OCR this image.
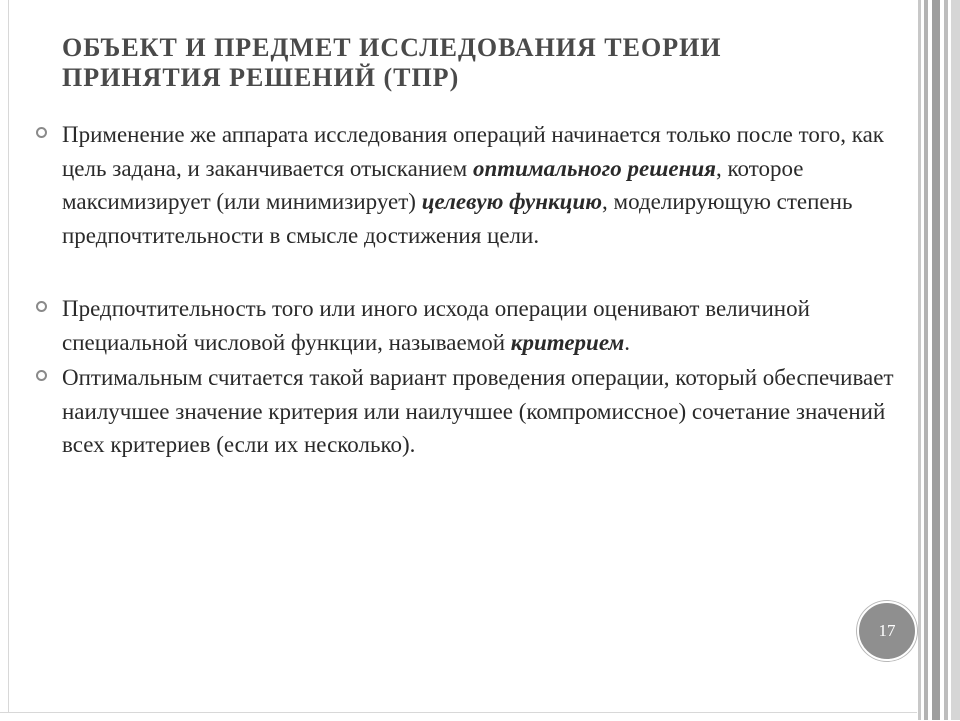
ОБЪЕКТ И ПРЕДМЕТ ИССЛЕДОВАНИЯ ТЕОРИИ
ПРИНЯТИЯ РЕШЕНИЙ (ТПР)
Применение же аппарата исследования операций начинается только после того, как цель задана, и заканчивается отысканием оптимального решения, которое максимизирует (или минимизирует) целевую функцию, моделирующую степень предпочтительности в смысле достижения цели.
Предпочтительность того или иного исхода операции оценивают величиной специальной числовой функции, называемой критерием.
Оптимальным считается такой вариант проведения операции, который обеспечивает наилучшее значение критерия или наилучшее (компромиссное) сочетание значений всех критериев (если их несколько).
17
